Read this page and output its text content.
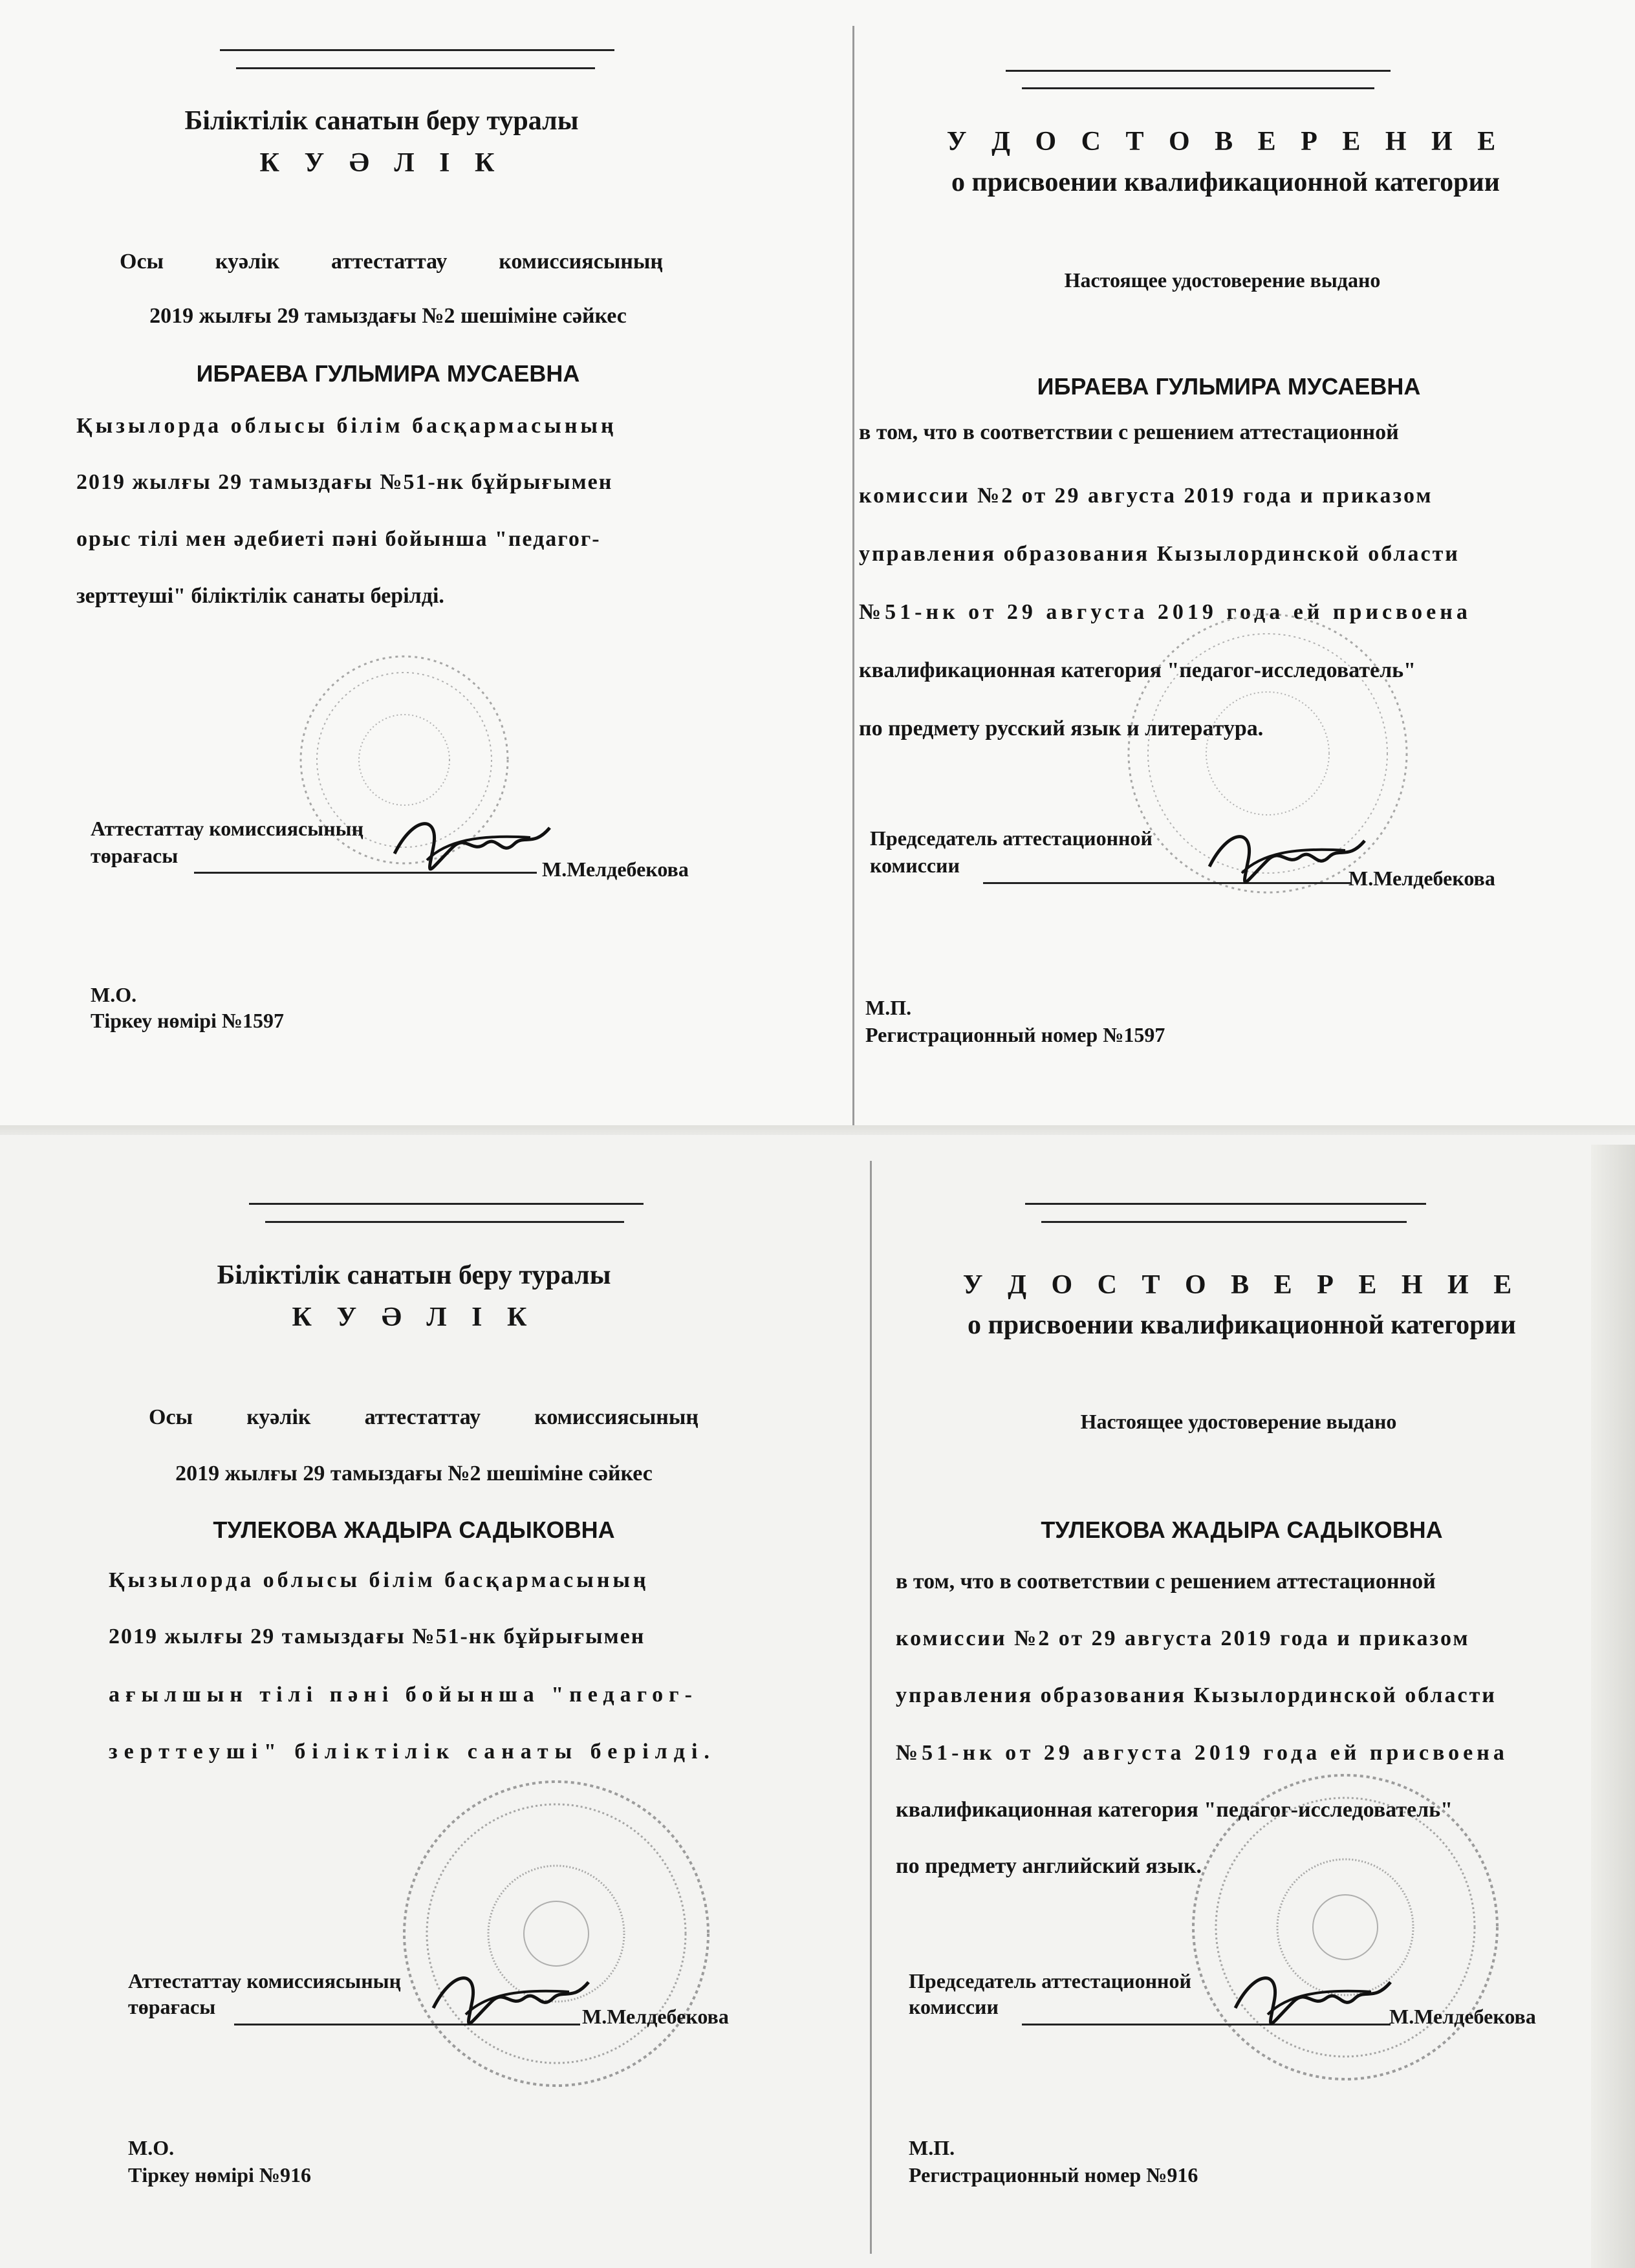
Біліктілік санатын беру туралы
К У Ә Л І К
Осы куәлік аттестаттау комиссиясының
2019 жылғы 29 тамыздағы №2 шешіміне сәйкес
ИБРАЕВА ГУЛЬМИРА МУСАЕВНА
Қызылорда облысы білім басқармасының
2019 жылғы 29 тамыздағы №51-нк бұйрығымен
орыс тілі мен әдебиеті пәні бойынша "педагог-
зерттеуші" біліктілік санаты берілді.
Аттестаттау комиссиясының
төрағасы
М.Мелдебекова
М.О.
Тіркеу нөмірі №1597
У Д О С Т О В Е Р Е Н И Е
о присвоении квалификационной категории
Настоящее удостоверение выдано
ИБРАЕВА ГУЛЬМИРА МУСАЕВНА
в том, что в соответствии с решением аттестационной
комиссии №2 от 29 августа 2019 года и приказом
управления образования Кызылординской области
№51-нк от 29 августа 2019 года ей присвоена
квалификационная категория "педагог-исследователь"
по предмету русский язык и литература.
Председатель аттестационной
комиссии
М.Мелдебекова
М.П.
Регистрационный номер №1597
Біліктілік санатын беру туралы
К У Ә Л І К
Осы куәлік аттестаттау комиссиясының
2019 жылғы 29 тамыздағы №2 шешіміне сәйкес
ТУЛЕКОВА ЖАДЫРА САДЫКОВНА
Қызылорда облысы білім басқармасының
2019 жылғы 29 тамыздағы №51-нк бұйрығымен
ағылшын тілі пәні бойынша "педагог-
зерттеуші" біліктілік санаты берілді.
Аттестаттау комиссиясының
төрағасы	М.Мелдебекова
М.О.
Тіркеу нөмірі №916
У Д О С Т О В Е Р Е Н И Е
о присвоении квалификационной категории
Настоящее удостоверение выдано
ТУЛЕКОВА ЖАДЫРА САДЫКОВНА
в том, что в соответствии с решением аттестационной
комиссии №2 от 29 августа 2019 года и приказом
управления образования Кызылординской области
№51-нк от 29 августа 2019 года ей присвоена
квалификационная категория "педагог-исследователь"
по предмету английский язык.
Председатель аттестационной
комиссии	М.Мелдебекова
М.П.
Регистрационный номер №916
